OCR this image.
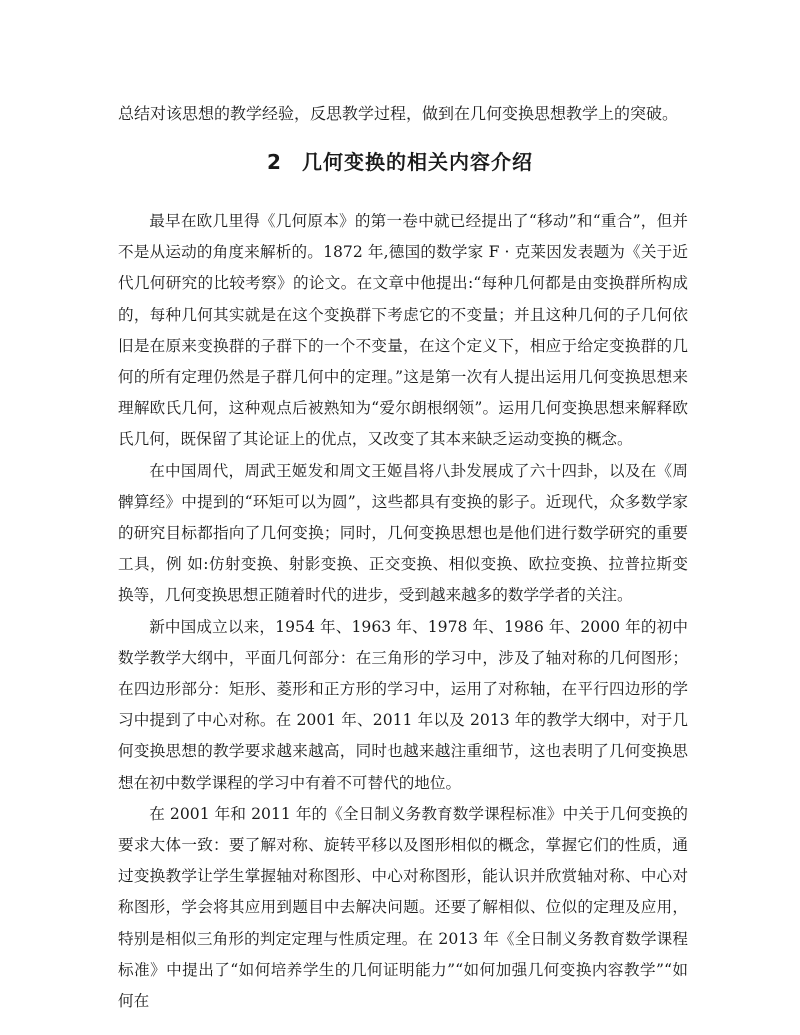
总结对该思想的教学经验，反思教学过程，做到在几何变换思想教学上的突破。
2 几何变换的相关内容介绍

最早在欧几里得《几何原本》的第一卷中就已经提出了“移动”和“重合”，但并不是从运动的角度来解析的。1872 年,德国的数学家 F · 克莱因发表题为《关于近代几何研究的比较考察》的论文。在文章中他提出:“每种几何都是由变换群所构成的，每种几何其实就是在这个变换群下考虑它的不变量；并且这种几何的子几何依旧是在原来变换群的子群下的一个不变量，在这个定义下，相应于给定变换群的几何的所有定理仍然是子群几何中的定理。”这是第一次有人提出运用几何变换思想来理解欧氏几何，这种观点后被熟知为“爱尔朗根纲领”。运用几何变换思想来解释欧氏几何，既保留了其论证上的优点，又改变了其本来缺乏运动变换的概念。

在中国周代，周武王姬发和周文王姬昌将八卦发展成了六十四卦，以及在《周髀算经》中提到的“环矩可以为圆”，这些都具有变换的影子。近现代，众多数学家的研究目标都指向了几何变换；同时，几何变换思想也是他们进行数学研究的重要工具，例 如:仿射变换、射影变换、正交变换、相似变换、欧拉变换、拉普拉斯变换等，几何变换思想正随着时代的进步，受到越来越多的数学学者的关注。

新中国成立以来，1954 年、1963 年、1978 年、1986 年、2000 年的初中数学教学大纲中，平面几何部分：在三角形的学习中，涉及了轴对称的几何图形；在四边形部分：矩形、菱形和正方形的学习中，运用了对称轴，在平行四边形的学习中提到了中心对称。在 2001 年、2011 年以及 2013 年的教学大纲中，对于几何变换思想的教学要求越来越高，同时也越来越注重细节，这也表明了几何变换思想在初中数学课程的学习中有着不可替代的地位。

在 2001 年和 2011 年的《全日制义务教育数学课程标准》中关于几何变换的要求大体一致：要了解对称、旋转平移以及图形相似的概念，掌握它们的性质，通过变换教学让学生掌握轴对称图形、中心对称图形，能认识并欣赏轴对称、中心对称图形，学会将其应用到题目中去解决问题。还要了解相似、位似的定理及应用，特别是相似三角形的判定定理与性质定理。在 2013 年《全日制义务教育数学课程标准》中提出了“如何培养学生的几何证明能力”“如何加强几何变换内容教学”“如何在
